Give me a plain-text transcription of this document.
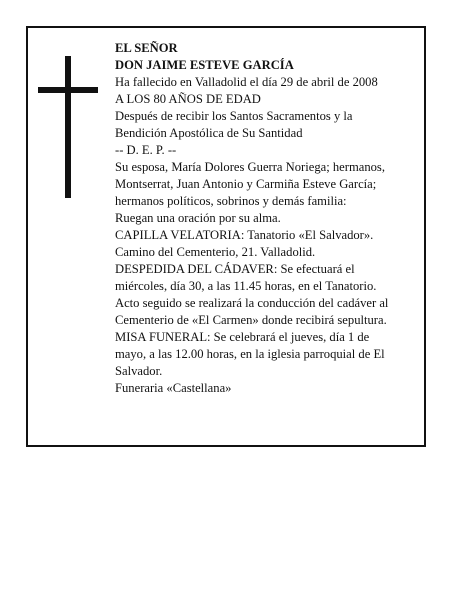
EL SEÑOR
DON JAIME ESTEVE GARCÍA
Ha fallecido en Valladolid el día 29 de abril de 2008
A LOS 80 AÑOS DE EDAD
Después de recibir los Santos Sacramentos y la
Bendición Apostólica de Su Santidad
-- D. E. P. --
Su esposa, María Dolores Guerra Noriega; hermanos,
Montserrat, Juan Antonio y Carmiña Esteve García;
hermanos políticos, sobrinos y demás familia:
Ruegan una oración por su alma.
CAPILLA VELATORIA: Tanatorio «El Salvador».
Camino del Cementerio, 21. Valladolid.
DESPEDIDA DEL CÁDAVER: Se efectuará el
miércoles, día 30, a las 11.45 horas, en el Tanatorio.
Acto seguido se realizará la conducción del cadáver al
Cementerio de «El Carmen» donde recibirá sepultura.
MISA FUNERAL: Se celebrará el jueves, día 1 de
mayo, a las 12.00 horas, en la iglesia parroquial de El
Salvador.
Funeraria «Castellana»
